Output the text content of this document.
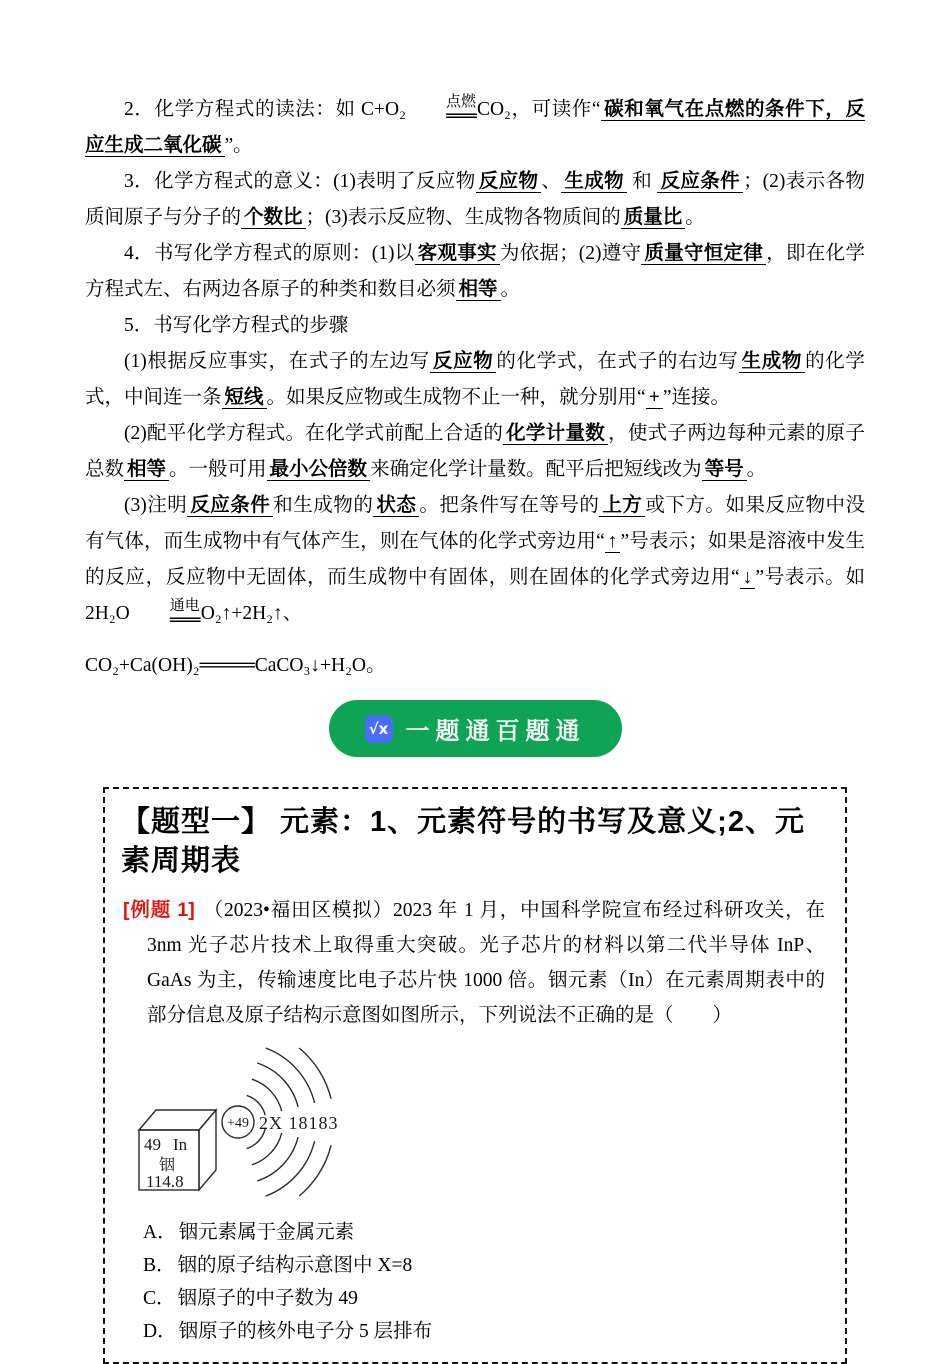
2．化学方程式的读法：如 C+O₂	点燃
═══ CO₂，可读作“ 碳和氧气在点燃的条件下，反应生成二氧化碳 ”。

3．化学方程式的意义：(1)表明了反应物 反应物 、 生成物 和 反应条件 ；(2)表示各物质间原子与分子的 个数比 ；(3)表示反应物、生成物各物质间的 质量比 。

4．书写化学方程式的原则：(1)以 客观事实 为依据；(2)遵守 质量守恒定律 ，即在化学方程式左、右两边各原子的种类和数目必须 相等 。

5．书写化学方程式的步骤

(1)根据反应事实，在式子的左边写 反应物 的化学式，在式子的右边写 生成物 的化学式，中间连一条 短线 。如果反应物或生成物不止一种，就分别用“ + ”连接。

(2)配平化学方程式。在化学式前配上合适的 化学计量数 ，使式子两边每种元素的原子总数 相等 。一般可用 最小公倍数 来确定化学计量数。配平后把短线改为 等号 。

(3)注明 反应条件 和生成物的 状态 。把条件写在等号的 上方 或下方。如果反应物中没有气体，而生成物中有气体产生，则在气体的化学式旁边用“ ↑ ”号表示；如果是溶液中发生的反应，反应物中无固体，而生成物中有固体，则在固体的化学式旁边用“ ↓ ”号表示。如 2H₂O	通电
═══ O₂↑+2H₂↑、

CO₂+Ca(OH)₂════CaCO₃↓+H₂O。

√x 一题通百题通
【题型一】 元素：1、元素符号的书写及意义;2、元素周期表

[例题 1] （2023•福田区模拟）2023 年 1 月，中国科学院宣布经过科研攻关，在 3nm 光子芯片技术上取得重大突破。光子芯片的材料以第二代半导体 InP、GaAs 为主，传输速度比电子芯片快 1000 倍。铟元素（In）在元素周期表中的部分信息及原子结构示意图如图所示，下列说法不正确的是（　　）

49 In
铟
114.8
+49 2X 18183
A． 铟元素属于金属元素
B． 铟的原子结构示意图中 X=8
C． 铟原子的中子数为 49
D． 铟原子的核外电子分 5 层排布
